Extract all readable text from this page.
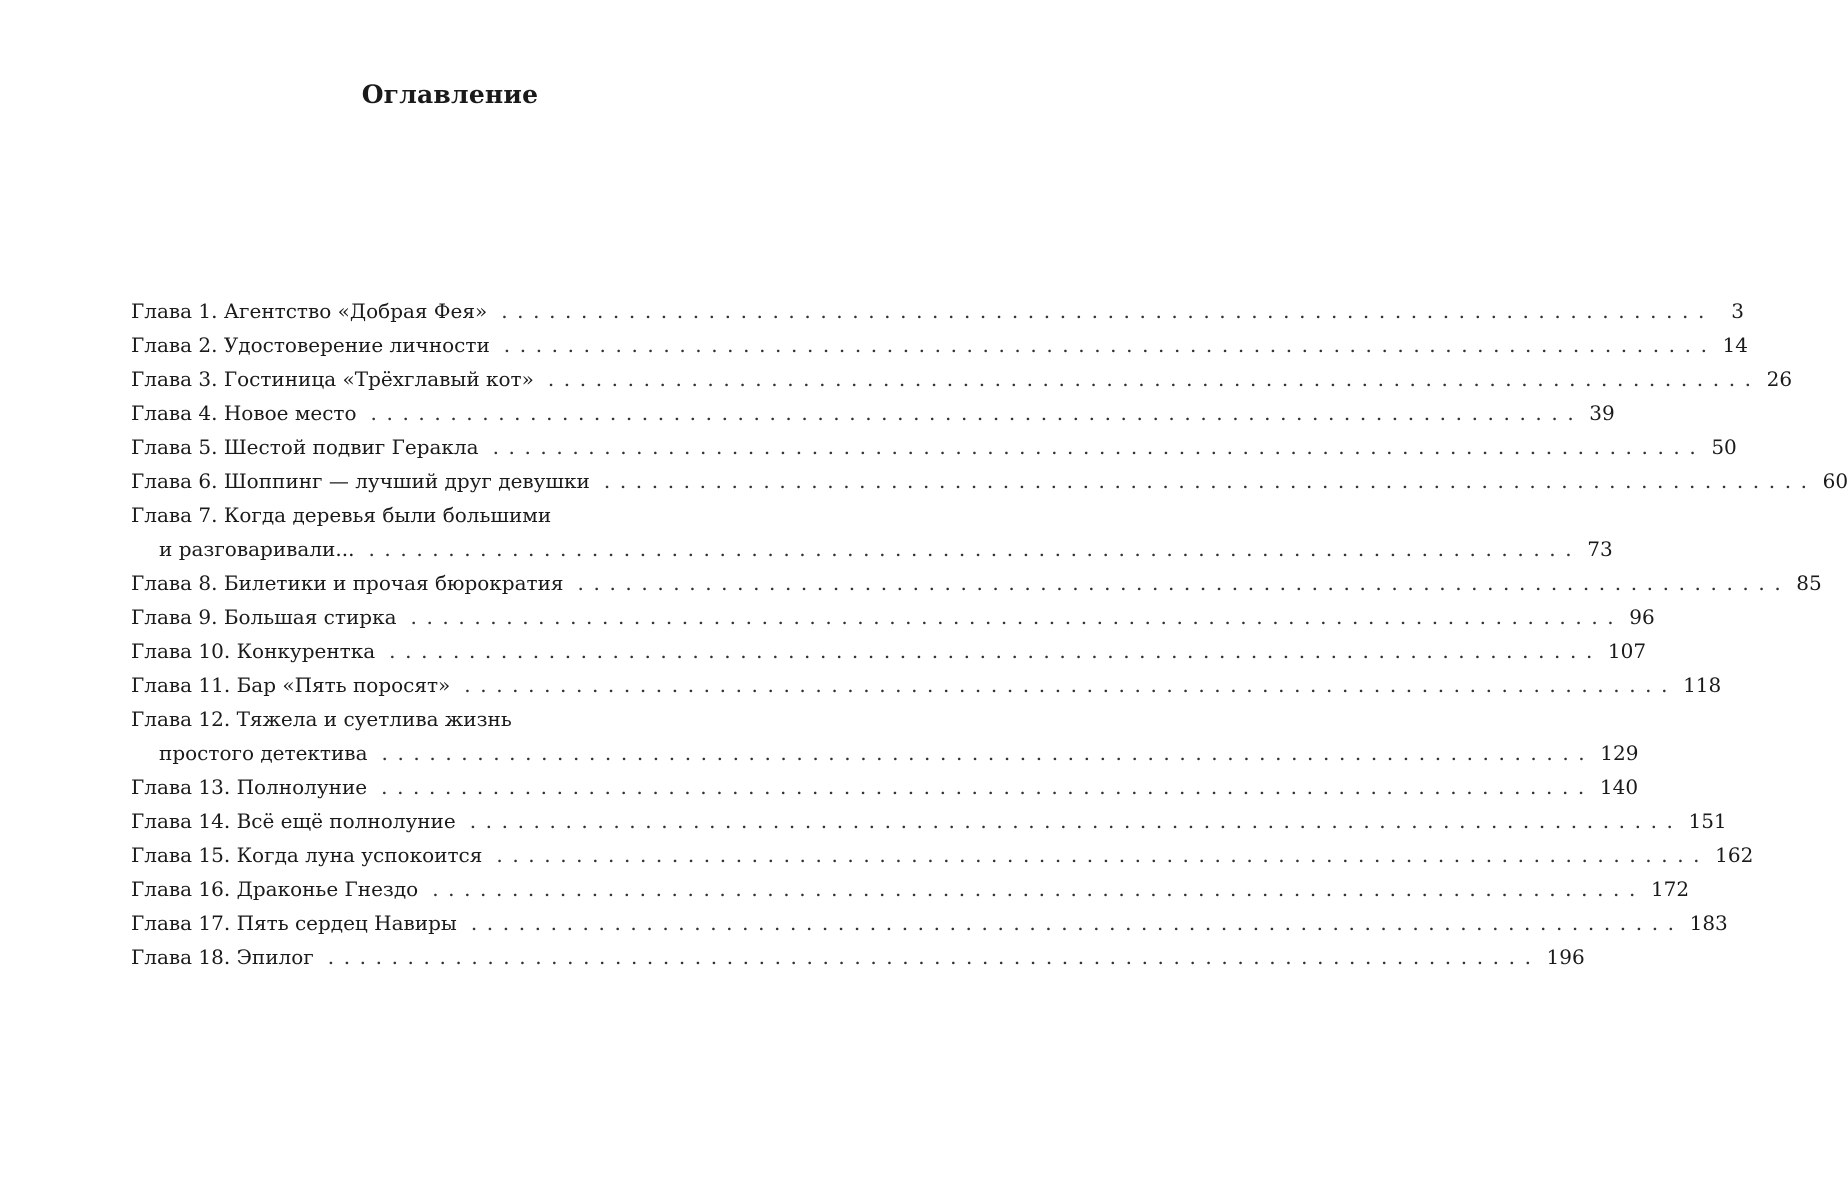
Оглавление
Глава 1. Агентство «Добрая Фея» ............................................................................ 3
Глава 2. Удостоверение личности ............................................................................ 14
Глава 3. Гостиница «Трёхглавый кот» ............................................................................ 26
Глава 4. Новое место ............................................................................ 39
Глава 5. Шестой подвиг Геракла ............................................................................ 50
Глава 6. Шоппинг — лучший друг девушки ............................................................................ 60
Глава 7. Когда деревья были большими
и разговаривали... ............................................................................ 73
Глава 8. Билетики и прочая бюрократия ............................................................................ 85
Глава 9. Большая стирка ............................................................................ 96
Глава 10. Конкурентка ............................................................................ 107
Глава 11. Бар «Пять поросят» ............................................................................ 118
Глава 12. Тяжела и суетлива жизнь
простого детектива ............................................................................ 129
Глава 13. Полнолуние ............................................................................ 140
Глава 14. Всё ещё полнолуние ............................................................................ 151
Глава 15. Когда луна успокоится ............................................................................ 162
Глава 16. Драконье Гнездо ............................................................................ 172
Глава 17. Пять сердец Навиры ............................................................................ 183
Глава 18. Эпилог ............................................................................ 196
